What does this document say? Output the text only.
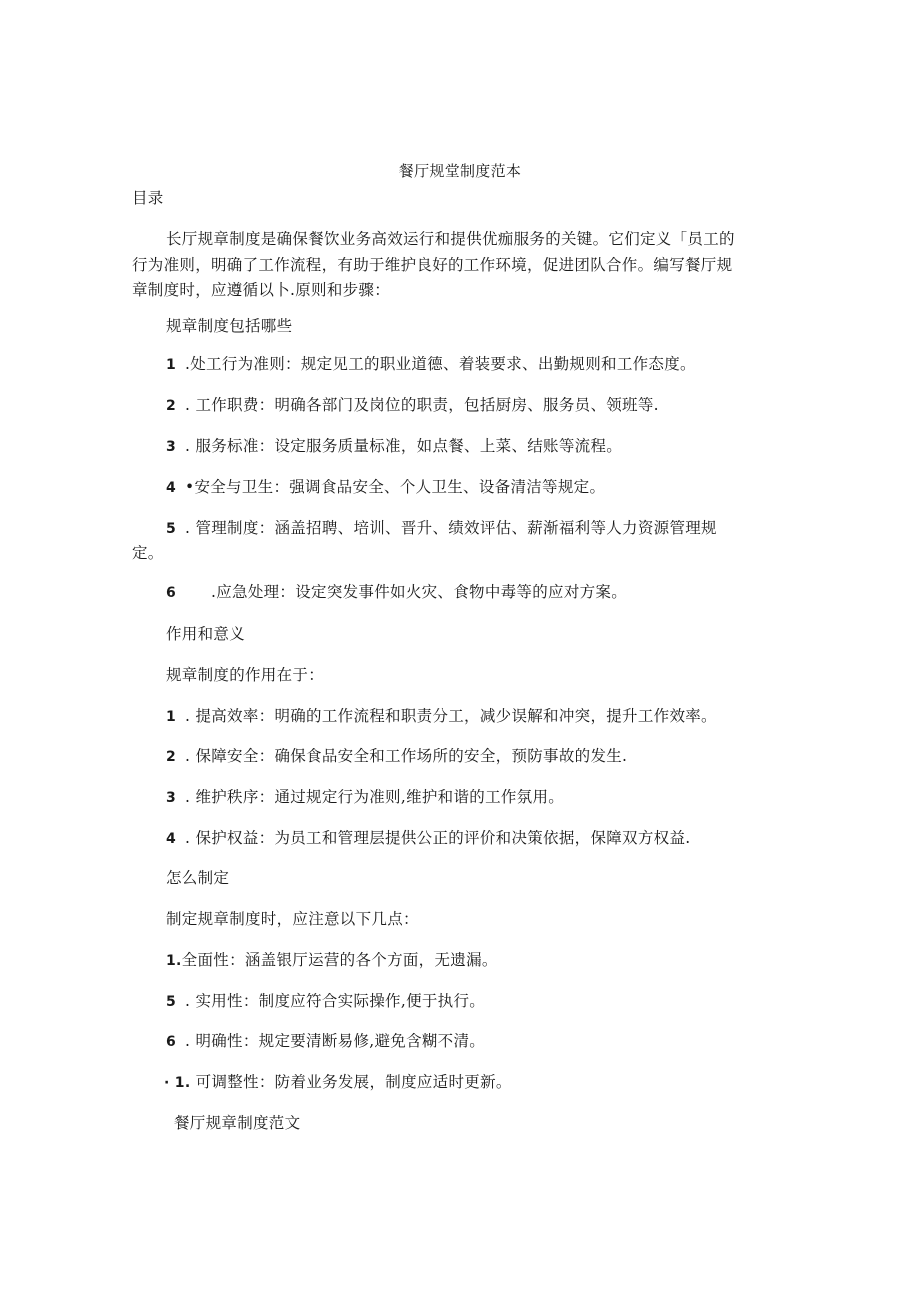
餐厅规堂制度范本
目录
长厅规章制度是确保餐饮业务高效运行和提供优痂服务的关键。它们定义「员工的
行为准则，明确了工作流程，有助于维护良好的工作环境，促进团队合作。编写餐厅规
章制度时，应遵循以卜.原则和步骤：
规章制度包括哪些
1 .处工行为准则：规定见工的职业道德、着装要求、出勤规则和工作态度。
2 . 工作职费：明确各部门及岗位的职责，包括厨房、服务员、领班等.
3 . 服务标准：设定服务质量标准，如点餐、上菜、结账等流程。
4 •安全与卫生：强调食品安全、个人卫生、设备清洁等规定。
5 . 管理制度：涵盖招聘、培训、晋升、绩效评估、薪渐福利等人力资源管理规
定。
6 .应急处理：设定突发事件如火灾、食物中毒等的应对方案。
作用和意义
规章制度的作用在于：
1 . 提高效率：明确的工作流程和职责分工，减少误解和冲突，提升工作效率。
2 . 保障安全：确保食品安全和工作场所的安全，预防事故的发生.
3 . 维护秩序：通过规定行为准则,维护和谐的工作氛用。
4 . 保护权益：为员工和管理层提供公正的评价和决策依据，保障双方权益.
怎么制定
制定规章制度时，应注意以下几点：
1.全面性：涵盖银厅运营的各个方面，无遗漏。
5 . 实用性：制度应符合实际操作,便于执行。
6 . 明确性：规定要清断易修,避免含糊不清。
· 1. 可调整性：防着业务发展，制度应适时更新。
餐厅规章制度范文
